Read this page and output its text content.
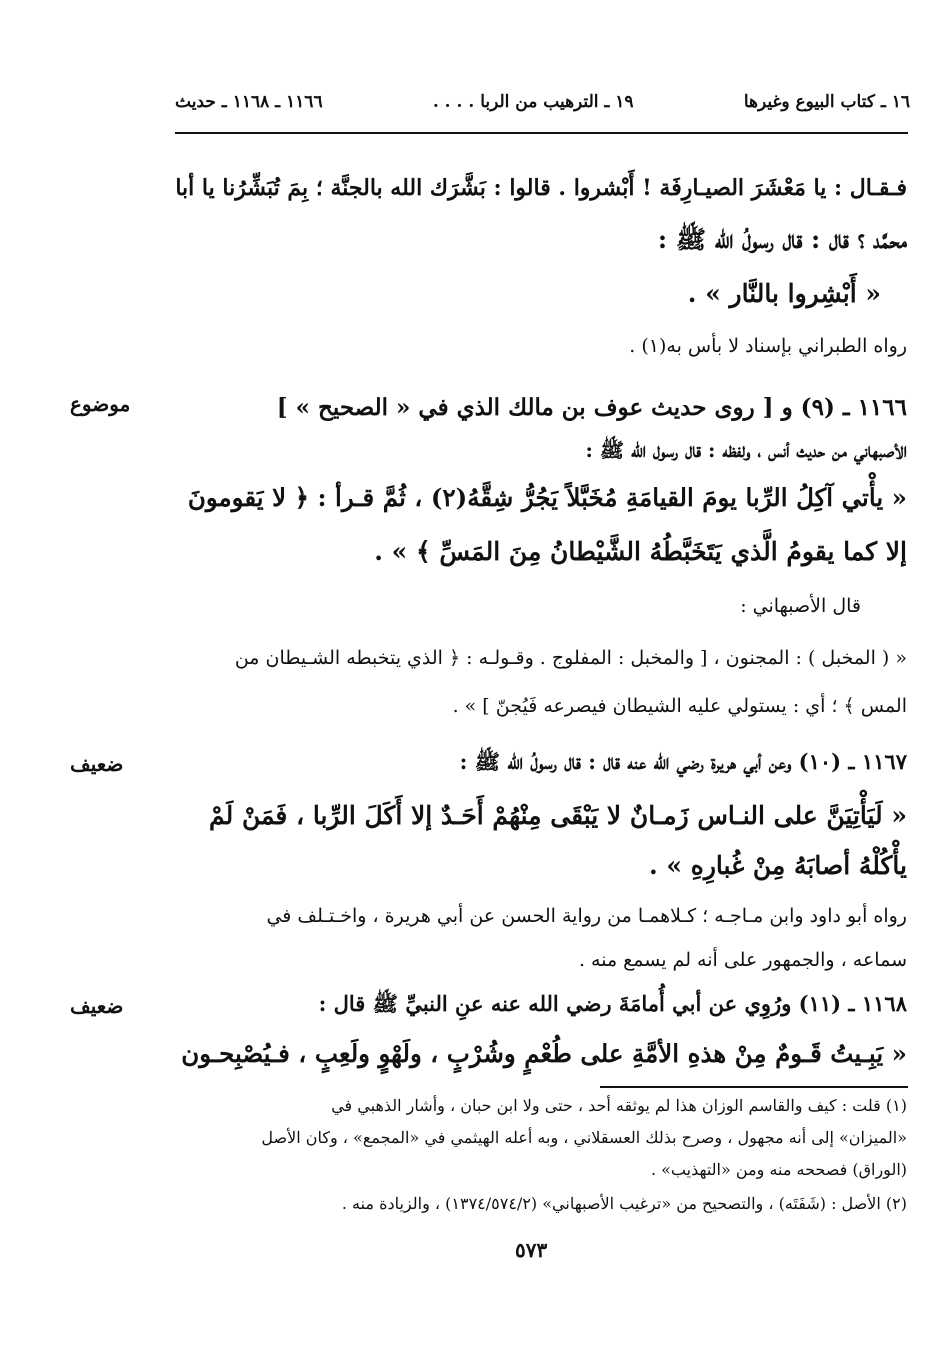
١٦ ـ كتاب البيوع وغيرها
١٩ ـ الترهيب من الربا . . . .
١١٦٦ ـ ١١٦٨ ـ حديث
فـقـال : يا مَعْشَرَ الصيـارِفَة ! أَبْشروا . قالوا : بَشَّرَك الله بالجنَّة ؛ بِمَ تُبَشِّرُنا يا أبا
محمَّد ؟ قال : قال رسولُ الله ﷺ :
« أَبْشِروا بالنَّار » .
رواه الطبراني بإسناد لا بأس به(١) .
موضوع	١١٦٦ ـ (٩) و [ روى حديث عوف بن مالك الذي في « الصحيح » ]
الأصبهاني من حديث أنس ، ولفظه : قال رسول الله ﷺ :
« يأْتي آكِلُ الرِّبا يومَ القيامَةِ مُخَبَّلاً يَجُرُّ شِقَّهُ(٢) ، ثُمَّ قـرأ : ﴿ لا يَقومونَ
إلا كما يقومُ الَّذي يَتَخَبَّطُهُ الشَّيْطانُ مِنَ المَسِّ ﴾ » .
قال الأصبهاني :
« ( المخبل ) : المجنون ، [ والمخبل : المفلوج . وقـولـه : ﴿ الذي يتخبطه الشـيطان من
المس ﴾ ؛ أي : يستولي عليه الشيطان فيصرعه فَيُجنّ ] » .
ضعيف	١١٦٧ ـ (١٠) وعن أبي هريرة رضي الله عنه قال : قال رسولُ الله ﷺ :
« لَيَأْتِيَنَّ على النـاس زَمـانٌ لا يَبْقَى مِنْهُمْ أَحَـدٌ إلا أَكَلَ الرِّبا ، فَمَنْ لَمْ
يأْكُلْهُ أصابَهُ مِنْ غُبارِهِ » .
رواه أبو داود وابن مـاجـه ؛ كـلاهمـا من رواية الحسن عن أبي هريرة ، واخـتـلف في
سماعه ، والجمهور على أنه لم يسمع منه .
ضعيف	١١٦٨ ـ (١١) ورُوِي عن أبي أُمامَةَ رضي الله عنه عنِ النبيِّ ﷺ قال :
« يَبِـيتُ قَـومٌ مِنْ هذهِ الأمَّةِ على طُعْمٍ وشُرْبٍ ، ولَهْوٍ ولَعِبٍ ، فـيُصْبِحـون
(١) قلت : كيف والقاسم الوزان هذا لم يوثقه أحد ، حتى ولا ابن حبان ، وأشار الذهبي في
«الميزان» إلى أنه مجهول ، وصرح بذلك العسقلاني ، وبه أعله الهيثمي في «المجمع» ، وكان الأصل
(الوراق) فصححه منه ومن «التهذيب» .
(٢) الأصل : (شَفَتَه) ، والتصحيح من «ترغيب الأصبهاني» (١٣٧٤/٥٧٤/٢) ، والزيادة منه .
٥٧٣
